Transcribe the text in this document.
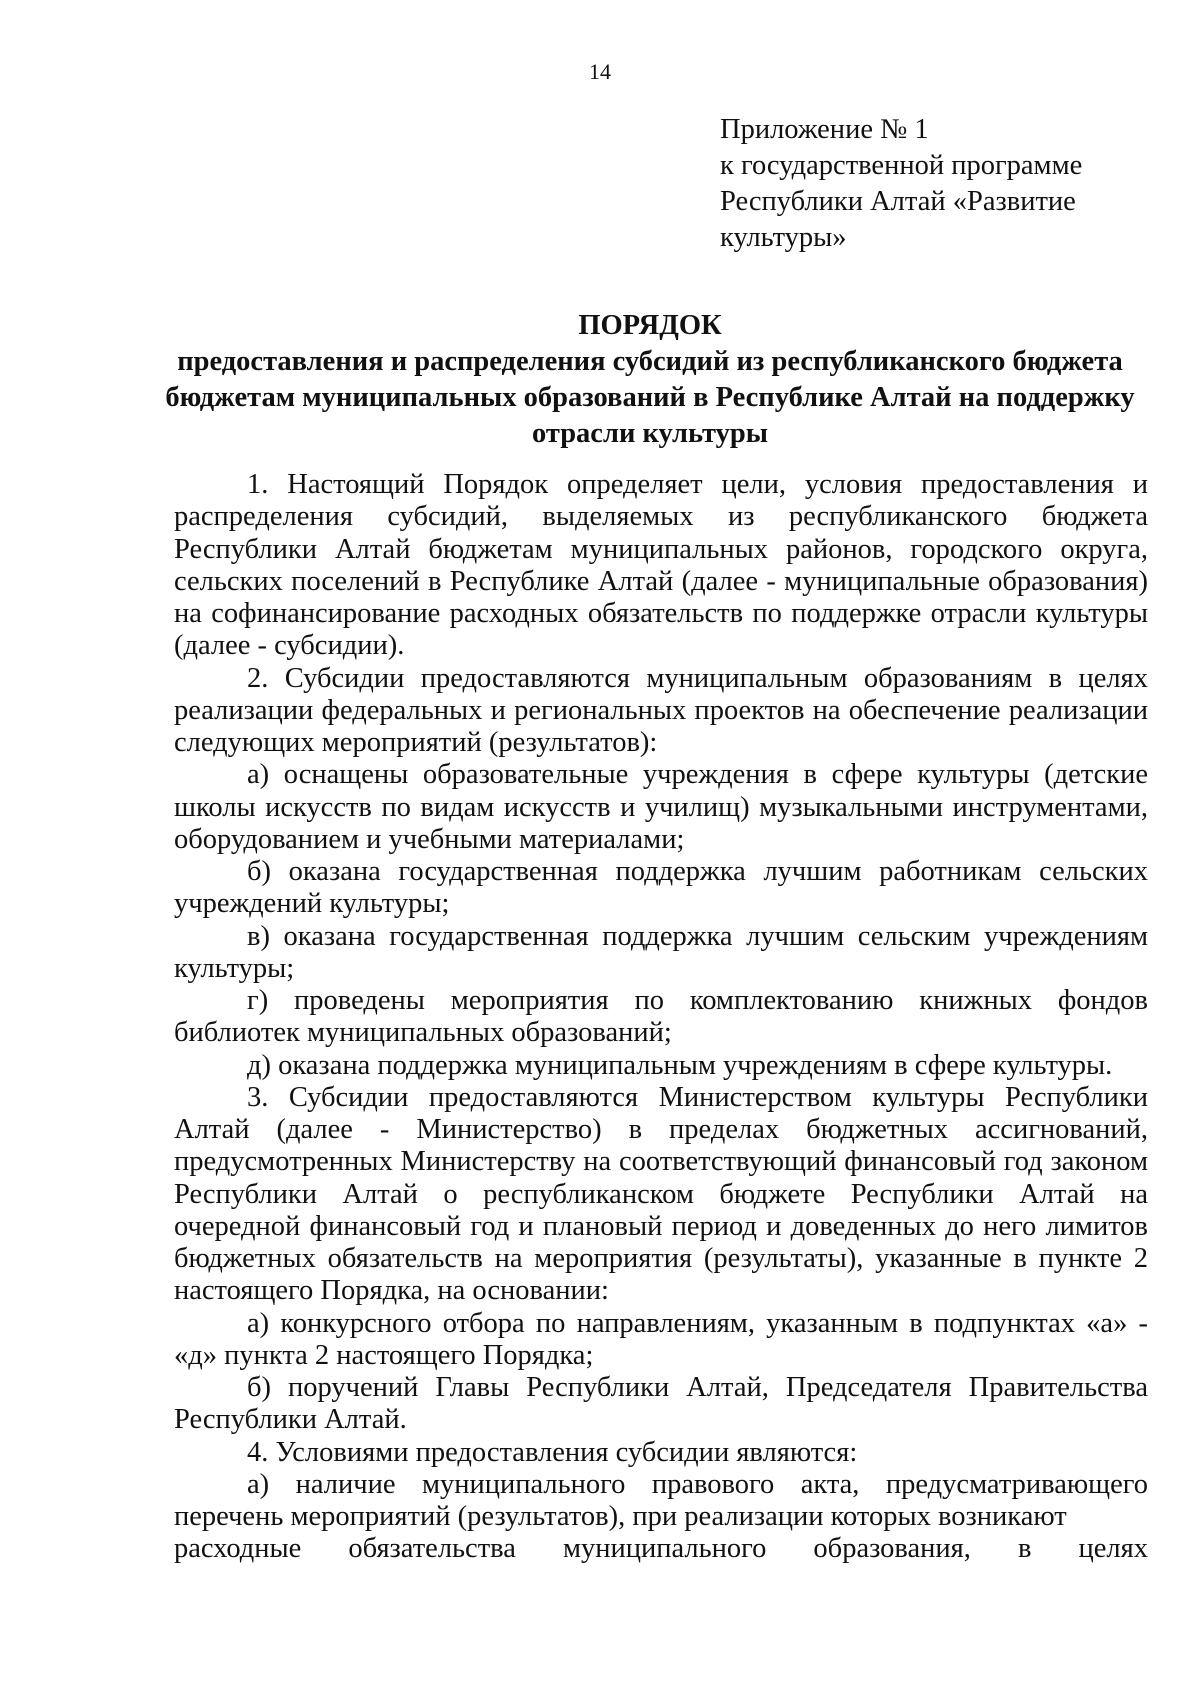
14
Приложение № 1
к государственной программе
Республики Алтай «Развитие
культуры»
ПОРЯДОК
предоставления и распределения субсидий из республиканского бюджета
бюджетам муниципальных образований в Республике Алтай на поддержку
отрасли культуры

1. Настоящий Порядок определяет цели, условия предоставления и распределения субсидий, выделяемых из республиканского бюджета Республики Алтай бюджетам муниципальных районов, городского округа, сельских поселений в Республике Алтай (далее - муниципальные образования) на софинансирование расходных обязательств по поддержке отрасли культуры (далее - субсидии).

2. Субсидии предоставляются муниципальным образованиям в целях реализации федеральных и региональных проектов на обеспечение реализации следующих мероприятий (результатов):

а) оснащены образовательные учреждения в сфере культуры (детские школы искусств по видам искусств и училищ) музыкальными инструментами, оборудованием и учебными материалами;

б) оказана государственная поддержка лучшим работникам сельских учреждений культуры;

в) оказана государственная поддержка лучшим сельским учреждениям культуры;

г) проведены мероприятия по комплектованию книжных фондов библиотек муниципальных образований;

д) оказана поддержка муниципальным учреждениям в сфере культуры.

3. Субсидии предоставляются Министерством культуры Республики Алтай (далее - Министерство) в пределах бюджетных ассигнований, предусмотренных Министерству на соответствующий финансовый год законом Республики Алтай о республиканском бюджете Республики Алтай на очередной финансовый год и плановый период и доведенных до него лимитов бюджетных обязательств на мероприятия (результаты), указанные в пункте 2 настоящего Порядка, на основании:

а) конкурсного отбора по направлениям, указанным в подпунктах «а» - «д» пункта 2 настоящего Порядка;

б) поручений Главы Республики Алтай, Председателя Правительства Республики Алтай.

4. Условиями предоставления субсидии являются:

а) наличие муниципального правового акта, предусматривающего перечень мероприятий (результатов), при реализации которых возникают

расходные обязательства муниципального образования, в целях
